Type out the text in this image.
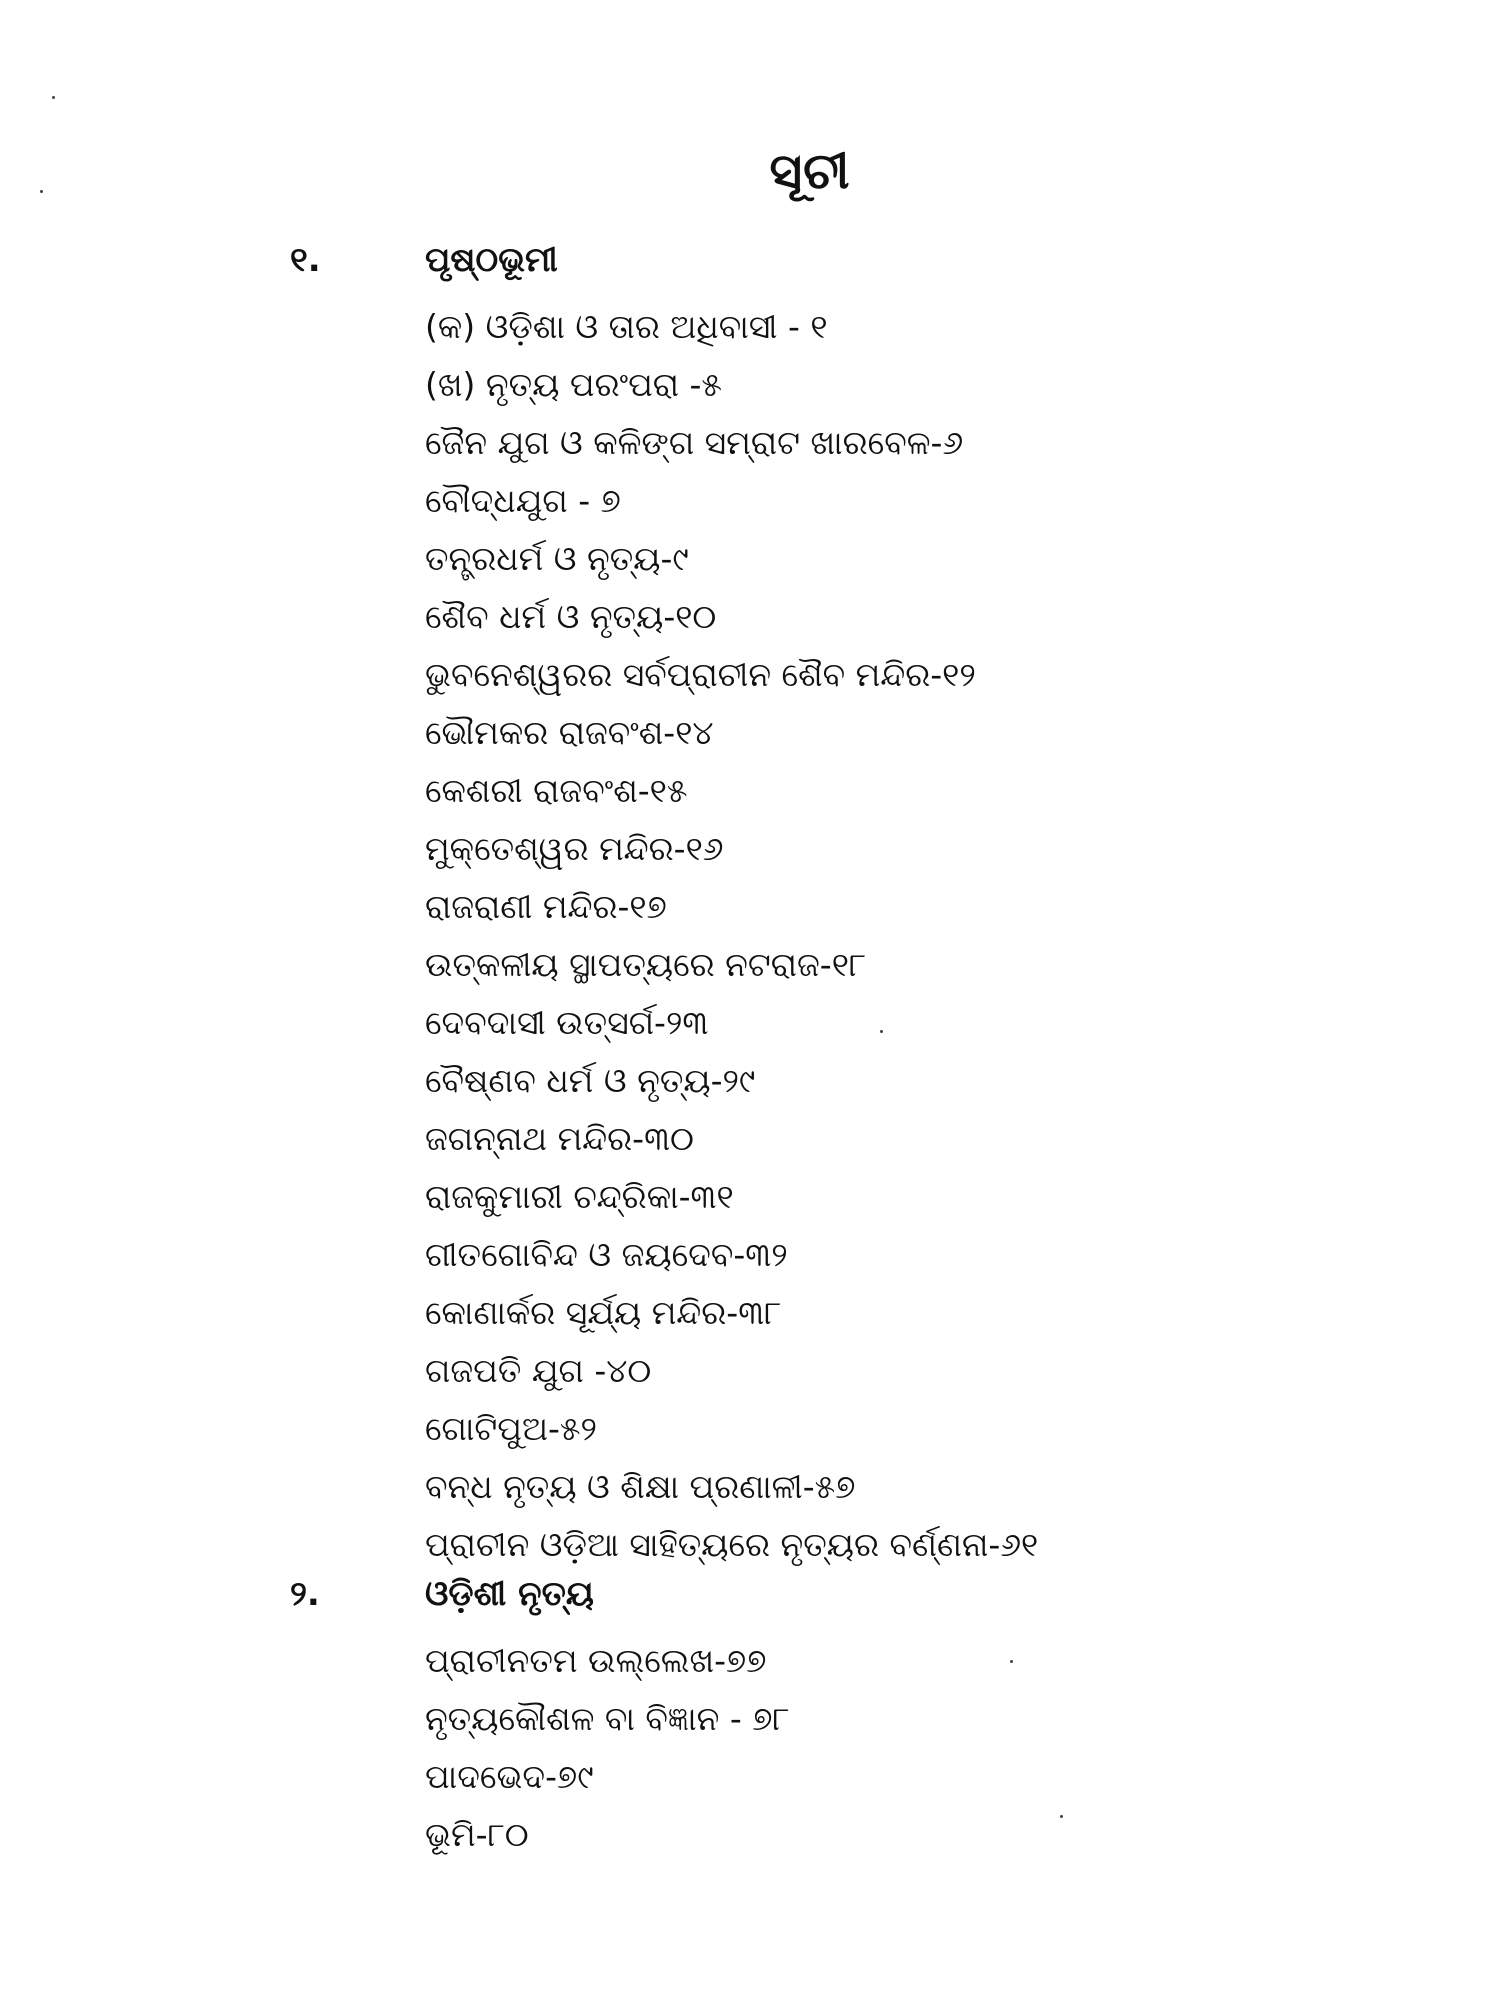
ସୂଚୀ
୧.	ପୃଷ୍ଠଭୂମୀ
(କ) ଓଡ଼ିଶା ଓ ତାର ଅଧିବାସୀ - ୧
(ଖ) ନୃତ୍ୟ ପରଂପରା -୫
ଜୈନ ଯୁଗ ଓ କଳିଙ୍ଗ ସମ୍ରାଟ ଖାରବେଳ-୬
ବୌଦ୍ଧଯୁଗ - ୭
ତନ୍ତ୍ରଧର୍ମ ଓ ନୃତ୍ୟ-୯
ଶୈବ ଧର୍ମ ଓ ନୃତ୍ୟ-୧୦
ଭୁବନେଶ୍ୱରର ସର୍ବପ୍ରାଚୀନ ଶୈବ ମନ୍ଦିର-୧୨
ଭୌମକର ରାଜବଂଶ-୧୪
କେଶରୀ ରାଜବଂଶ-୧୫
ମୁକ୍ତେଶ୍ୱର ମନ୍ଦିର-୧୬
ରାଜରାଣୀ ମନ୍ଦିର-୧୭
ଉତ୍କଳୀୟ ସ୍ଥାପତ୍ୟରେ ନଟରାଜ-୧୮
ଦେବଦାସୀ ଉତ୍ସର୍ଗ-୨୩
ବୈଷ୍ଣବ ଧର୍ମ ଓ ନୃତ୍ୟ-୨୯
ଜଗନ୍ନାଥ ମନ୍ଦିର-୩୦
ରାଜକୁମାରୀ ଚନ୍ଦ୍ରିକା-୩୧
ଗୀତଗୋବିନ୍ଦ ଓ ଜୟଦେବ-୩୨
କୋଣାର୍କର ସୂର୍ଯ୍ୟ ମନ୍ଦିର-୩୮
ଗଜପତି ଯୁଗ -୪୦
ଗୋଟିପୁଅ-୫୨
ବନ୍ଧ ନୃତ୍ୟ ଓ ଶିକ୍ଷା ପ୍ରଣାଳୀ-୫୭
ପ୍ରାଚୀନ ଓଡ଼ିଆ ସାହିତ୍ୟରେ ନୃତ୍ୟର ବର୍ଣ୍ଣନା-୬୧
୨.	ଓଡ଼ିଶୀ ନୃତ୍ୟ
ପ୍ରାଚୀନତମ ଉଲ୍ଲେଖ-୭୭
ନୃତ୍ୟକୌଶଳ ବା ବିଜ୍ଞାନ - ୭୮
ପାଦଭେଦ-୭୯
ଭୂମି-୮୦
